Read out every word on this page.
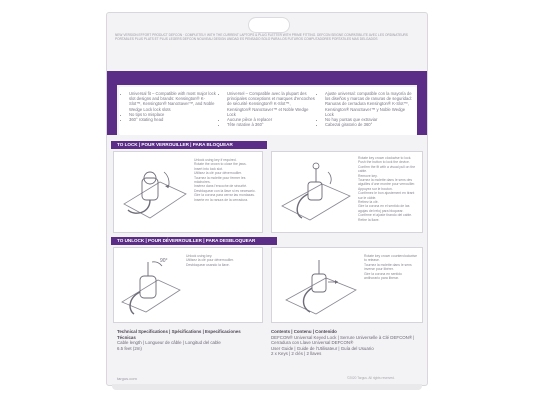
NEW VERSION EFFORT PRODUCT DEFCON · COMPLETELY WITH THE CURRENT LAPTOPS & PLUG FLETTER WITH PRIME FITTING. DEFCON SEIGNE COMPATIBILITE AVEC LES ORDINATEURS PORTABLES PLUS PLATS ET PLUS LEGERS DEFCON NOUVEAU DESIGN UNIDAD ES PENSADO SOLO PARA LOS FUTUROS COMPUTADORES PORTATILES MAS DELGADOS
• Universal fit – Compatible with most major lock slot designs and brands: Kensington® K-Slot™, Kensington® NanoSaver™, and Noble Wedge Lock lock slots
• No tips to misplace
• 360° rotating head
• Universel – Compatible avec la plupart des principales conceptions et marques d'encoches de sécurité Kensington® K-Slot™, Kensington® NanoSaver™ et Noble Wedge Lock
• Aucune pièce à replacer
• Tête rotative à 360°
• Ajuste universal: compatible con la mayoría de los diseños y marcas de ranuras de seguridad: Ranuras de cerradura Kensington® K-Slot™, Kensington® NanoSaver™ y Noble Wedge Lock
• No hay puntas que extraviar
• Cabezal giratorio de 360°
TO LOCK | POUR VERROUILLER | PARA BLOQUEAR
Unlock using key if required.
Rotate the crown to close the jaws.
Insert into lock slot.
Utilisez la clé pour déverrouiller.
Tournez la molette pour fermer les mâchoires.
Insérez dans l'encoche de sécurité.
Desbloquear con la llave si es necesario.
Gire la corona para cerrar las mordazas.
Inserte en la ranura de la cerradura.
Rotate key crown clockwise to lock. Push the button to lock the device.
Confirm the fit with a visual pull on the cable.
Remove key.
Tournez la molette dans le sens des aiguilles d'une montre pour verrouiller. Appuyez sur le bouton.
Confirmez le bon ajustement en tirant sur le câble.
Retirez la clé.
Gire la corona en el sentido de las agujas del reloj para bloquear.
Confirme el ajuste tirando del cable.
Retire la llave.
TO UNLOCK | POUR DÉVERROUILLER | PARA DESBLOQUEAR
90°
Unlock using key.
Utilisez la clé pour déverrouiller.
Desbloquear usando la llave.
Rotate key crown counterclockwise to release.
Tournez la molette dans le sens inverse pour libérer.
Gire la corona en sentido antihorario para liberar.
Technical Specifications | Spécifications | Especificaciones Técnicas
Cable length | Longueur de câble | Longitud del cable
6.5 feet (2m)
Contents | Contenu | Contenido
DEFCON® Universal Keyed Lock | Serrure Universelle à Clé DEFCON® | Cerradura con Llave Universal DEFCON®
User Guide | Guide de l'Utilisateur | Guía del Usuario
2 x Keys | 2 clés | 2 llaves
targus.com	©2020 Targus. All rights reserved.
